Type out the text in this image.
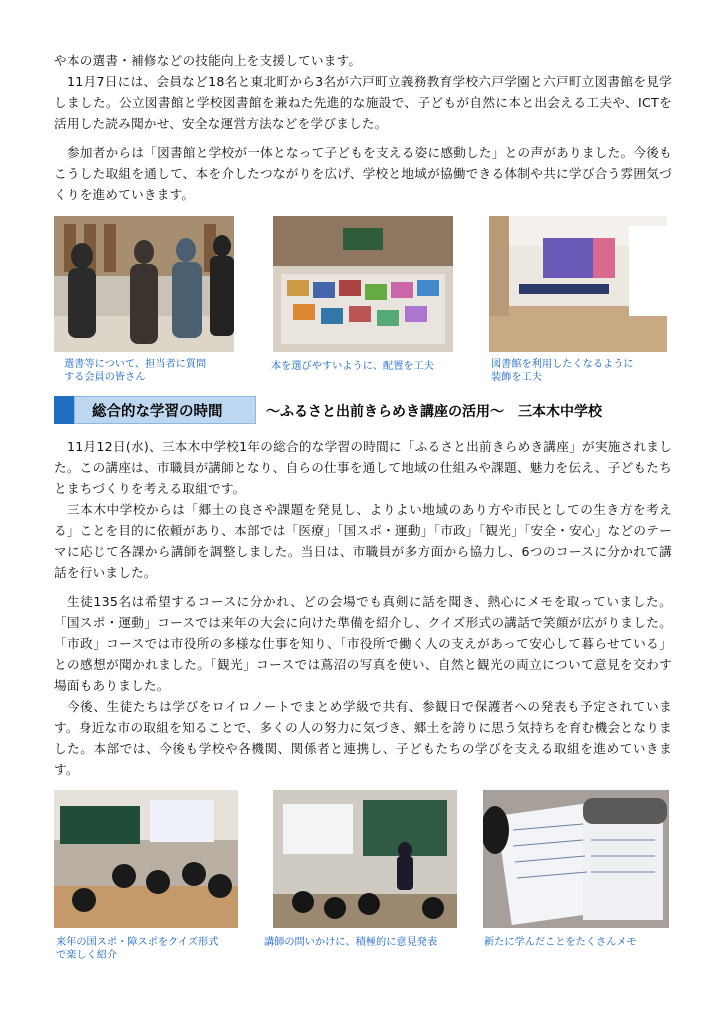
や本の選書・補修などの技能向上を支援しています。

11月7日には、会員など18名と東北町から3名が六戸町立義務教育学校六戸学園と六戸町立図書館を見学しました。公立図書館と学校図書館を兼ねた先進的な施設で、子どもが自然に本と出会える工夫や、ICTを活用した読み聞かせ、安全な運営方法などを学びました。

参加者からは「図書館と学校が一体となって子どもを支える姿に感動した」との声がありました。今後もこうした取組を通して、本を介したつながりを広げ、学校と地域が協働できる体制や共に学び合う雰囲気づくりを進めていきます。

選書等について、担当者に質問
する会員の皆さん
本を選びやすいように、配置を工夫	図書館を利用したくなるように
装飾を工夫
総合的な学習の時間	～ふるさと出前きらめき講座の活用～　三本木中学校

11月12日(水)、三本木中学校1年の総合的な学習の時間に「ふるさと出前きらめき講座」が実施されました。この講座は、市職員が講師となり、自らの仕事を通して地域の仕組みや課題、魅力を伝え、子どもたちとまちづくりを考える取組です。

三本木中学校からは「郷土の良さや課題を発見し、よりよい地域のあり方や市民としての生き方を考える」ことを目的に依頼があり、本部では「医療」「国スポ・運動」「市政」「観光」「安全・安心」などのテーマに応じて各課から講師を調整しました。当日は、市職員が多方面から協力し、6つのコースに分かれて講話を行いました。

生徒135名は希望するコースに分かれ、どの会場でも真剣に話を聞き、熱心にメモを取っていました。「国スポ・運動」コースでは来年の大会に向けた準備を紹介し、クイズ形式の講話で笑顔が広がりました。「市政」コースでは市役所の多様な仕事を知り、「市役所で働く人の支えがあって安心して暮らせている」との感想が聞かれました。「観光」コースでは蔦沼の写真を使い、自然と観光の両立について意見を交わす場面もありました。

今後、生徒たちは学びをロイロノートでまとめ学級で共有、参観日で保護者への発表も予定されています。身近な市の取組を知ることで、多くの人の努力に気づき、郷土を誇りに思う気持ちを育む機会となりました。本部では、今後も学校や各機関、関係者と連携し、子どもたちの学びを支える取組を進めていきます。

来年の国スポ・障スポをクイズ形式
で楽しく紹介
講師の問いかけに、積極的に意見発表	新たに学んだことをたくさんメモ
